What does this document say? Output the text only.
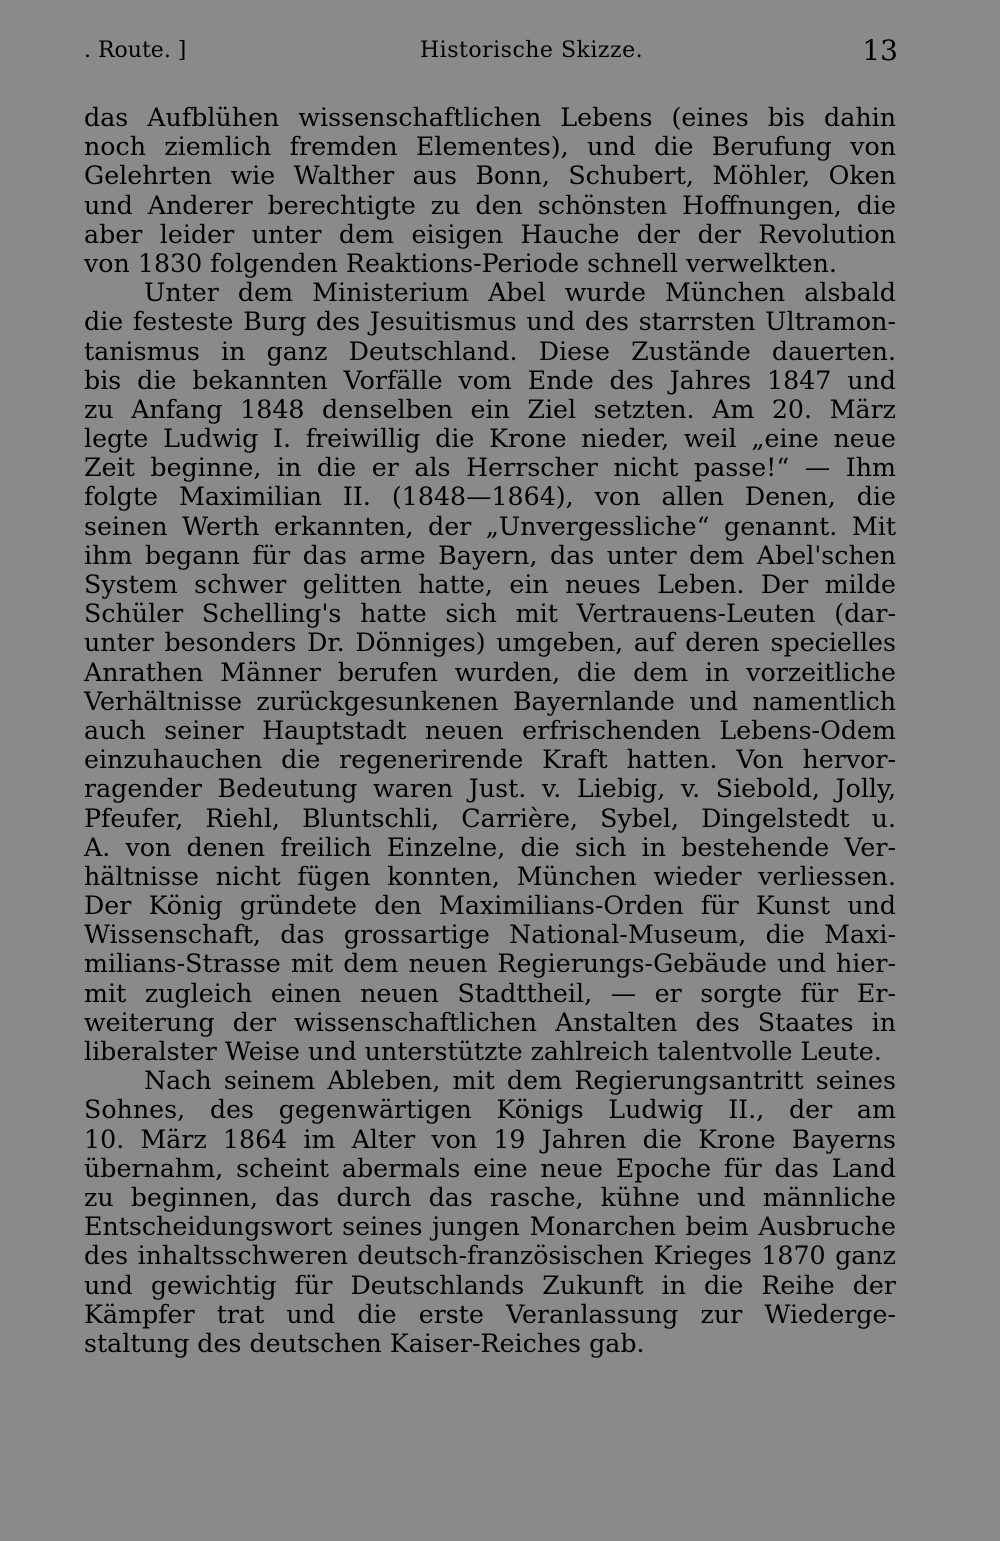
. Route. ]	Historische Skizze.	13
das Aufblühen wissenschaftlichen Lebens (eines bis dahin
noch ziemlich fremden Elementes), und die Berufung von
Gelehrten wie Walther aus Bonn, Schubert, Möhler, Oken
und Anderer berechtigte zu den schönsten Hoffnungen, die
aber leider unter dem eisigen Hauche der der Revolution
von 1830 folgenden Reaktions-Periode schnell verwelkten.
Unter dem Ministerium Abel wurde München alsbald
die festeste Burg des Jesuitismus und des starrsten Ultramon-
tanismus in ganz Deutschland. Diese Zustände dauerten.
bis die bekannten Vorfälle vom Ende des Jahres 1847 und
zu Anfang 1848 denselben ein Ziel setzten. Am 20. März
legte Ludwig I. freiwillig die Krone nieder, weil „eine neue
Zeit beginne, in die er als Herrscher nicht passe!“ — Ihm
folgte Maximilian II. (1848—1864), von allen Denen, die
seinen Werth erkannten, der „Unvergessliche“ genannt. Mit
ihm begann für das arme Bayern, das unter dem Abel'schen
System schwer gelitten hatte, ein neues Leben. Der milde
Schüler Schelling's hatte sich mit Vertrauens-Leuten (dar-
unter besonders Dr. Dönniges) umgeben, auf deren specielles
Anrathen Männer berufen wurden, die dem in vorzeitliche
Verhältnisse zurückgesunkenen Bayernlande und namentlich
auch seiner Hauptstadt neuen erfrischenden Lebens-Odem
einzuhauchen die regenerirende Kraft hatten. Von hervor-
ragender Bedeutung waren Just. v. Liebig, v. Siebold, Jolly,
Pfeufer, Riehl, Bluntschli, Carrière, Sybel, Dingelstedt u.
A. von denen freilich Einzelne, die sich in bestehende Ver-
hältnisse nicht fügen konnten, München wieder verliessen.
Der König gründete den Maximilians-Orden für Kunst und
Wissenschaft, das grossartige National-Museum, die Maxi-
milians-Strasse mit dem neuen Regierungs-Gebäude und hier-
mit zugleich einen neuen Stadttheil, — er sorgte für Er-
weiterung der wissenschaftlichen Anstalten des Staates in
liberalster Weise und unterstützte zahlreich talentvolle Leute.
Nach seinem Ableben, mit dem Regierungsantritt seines
Sohnes, des gegenwärtigen Königs Ludwig II., der am
10. März 1864 im Alter von 19 Jahren die Krone Bayerns
übernahm, scheint abermals eine neue Epoche für das Land
zu beginnen, das durch das rasche, kühne und männliche
Entscheidungswort seines jungen Monarchen beim Ausbruche
des inhaltsschweren deutsch-französischen Krieges 1870 ganz
und gewichtig für Deutschlands Zukunft in die Reihe der
Kämpfer trat und die erste Veranlassung zur Wiederge-
staltung des deutschen Kaiser-Reiches gab.
